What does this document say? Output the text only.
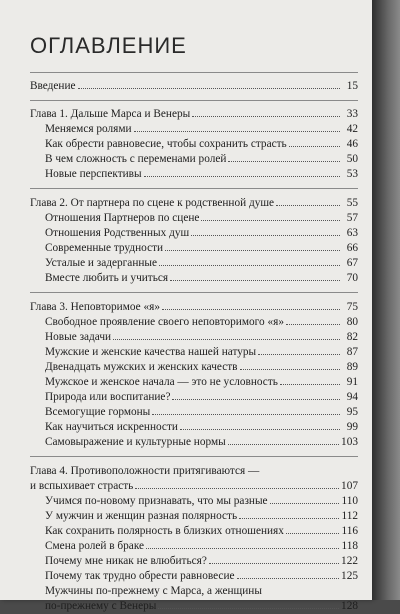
ОГЛАВЛЕНИЕ
Введение	15
Глава 1. Дальше Марса и Венеры	33
Меняемся ролями	42
Как обрести равновесие, чтобы сохранить страсть	46
В чем сложность с переменами ролей	50
Новые перспективы	53
Глава 2. От партнера по сцене к родственной душе	55
Отношения Партнеров по сцене	57
Отношения Родственных душ	63
Современные трудности	66
Усталые и задерганные	67
Вместе любить и учиться	70
Глава 3. Неповторимое «я»	75
Свободное проявление своего неповторимого «я»	80
Новые задачи	82
Мужские и женские качества нашей натуры	87
Двенадцать мужских и женских качеств	89
Мужское и женское начала — это не условность	91
Природа или воспитание?	94
Всемогущие гормоны	95
Как научиться искренности	99
Самовыражение и культурные нормы	103
Глава 4. Противоположности притягиваются —
и вспыхивает страсть	107
Учимся по-новому признавать, что мы разные	110
У мужчин и женщин разная полярность	112
Как сохранить полярность в близких отношениях	116
Смена ролей в браке	118
Почему мне никак не влюбиться?	122
Почему так трудно обрести равновесие	125
Мужчины по-прежнему с Марса, а женщины
по-прежнему с Венеры	128
